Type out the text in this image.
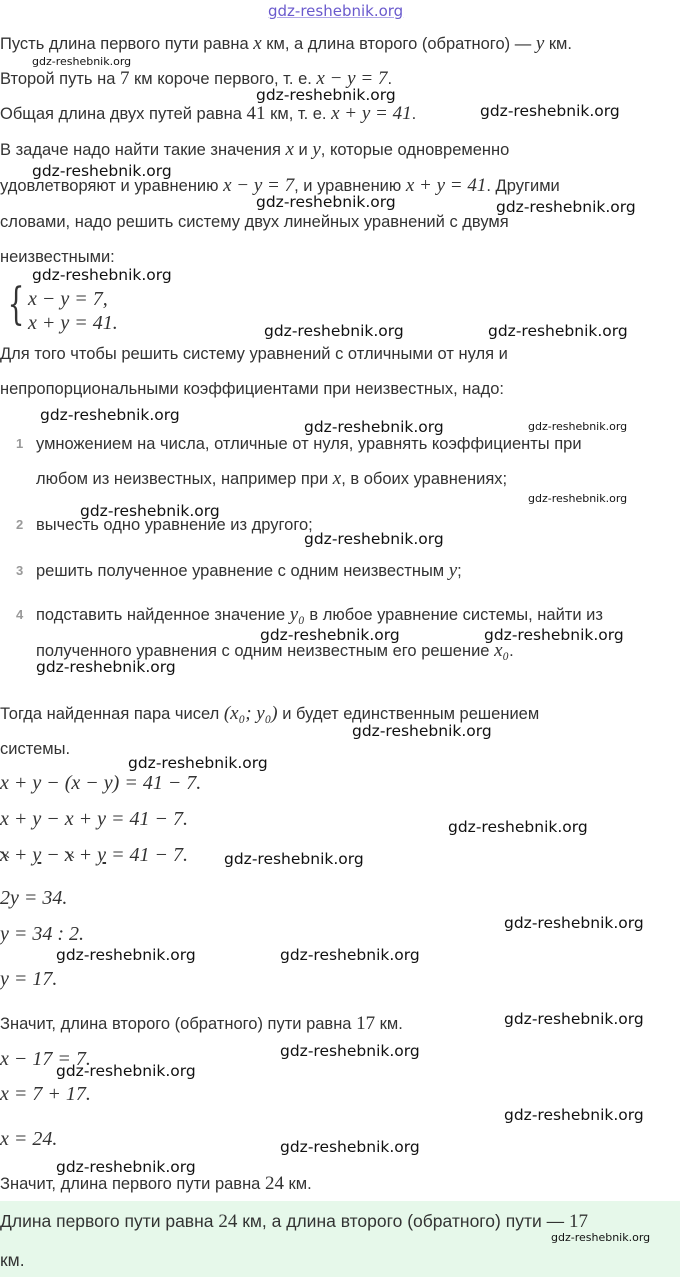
gdz-reshebnik.org
Пусть длина первого пути равна x км, а длина второго (обратного) — y км.
gdz-reshebnik.org
Второй путь на 7 км короче первого, т. е. x − y = 7.
gdz-reshebnik.org
Общая длина двух путей равна 41 км, т. е. x + y = 41.	gdz-reshebnik.org
В задаче надо найти такие значения x и y, которые одновременно
gdz-reshebnik.org
удовлетворяют и уравнению x − y = 7, и уравнению x + y = 41. Другими
gdz-reshebnik.org	gdz-reshebnik.org
словами, надо решить систему двух линейных уравнений с двумя
неизвестными:
gdz-reshebnik.org
{ x − y = 7,
x + y = 41.	gdz-reshebnik.org	gdz-reshebnik.org
Для того чтобы решить систему уравнений с отличными от нуля и
непропорциональными коэффициентами при неизвестных, надо:
gdz-reshebnik.org
gdz-reshebnik.org	gdz-reshebnik.org
1 умножением на числа, отличные от нуля, уравнять коэффициенты при
любом из неизвестных, например при x, в обоих уравнениях;
gdz-reshebnik.org
gdz-reshebnik.org
2 вычесть одно уравнение из другого;
gdz-reshebnik.org
3 решить полученное уравнение с одним неизвестным y;
4 подставить найденное значение y₀ в любое уравнение системы, найти из
gdz-reshebnik.org	gdz-reshebnik.org
полученного уравнения с одним неизвестным его решение x₀.
gdz-reshebnik.org
Тогда найденная пара чисел (x₀; y₀) и будет единственным решением
gdz-reshebnik.org
системы.
gdz-reshebnik.org
x + y − (x − y) = 41 − 7.
x + y − x + y = 41 − 7.	gdz-reshebnik.org
x + y − x + y = 41 − 7. gdz-reshebnik.org
2y = 34.
gdz-reshebnik.org
y = 34 : 2.
gdz-reshebnik.org	gdz-reshebnik.org
y = 17.
gdz-reshebnik.org
Значит, длина второго (обратного) пути равна 17 км.
x − 17 = 7.	gdz-reshebnik.org
gdz-reshebnik.org
x = 7 + 17.
gdz-reshebnik.org
x = 24.	gdz-reshebnik.org
gdz-reshebnik.org
Значит, длина первого пути равна 24 км.
Длина первого пути равна 24 км, а длина второго (обратного) пути — 17
gdz-reshebnik.org
км.
